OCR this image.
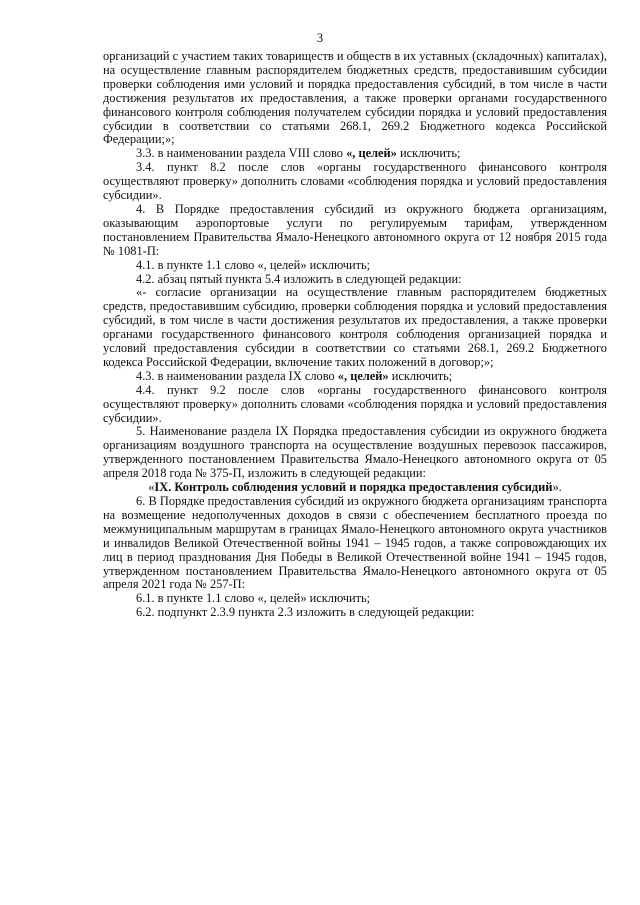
3

организаций с участием таких товариществ и обществ в их уставных (складочных) капиталах), на осуществление главным распорядителем бюджетных средств, предоставившим субсидии проверки соблюдения ими условий и порядка предоставления субсидий, в том числе в части достижения результатов их предоставления, а также проверки органами государственного финансового контроля соблюдения получателем субсидии порядка и условий предоставления субсидии в соответствии со статьями 268.1, 269.2 Бюджетного кодекса Российской Федерации;»;

3.3. в наименовании раздела VIII слово «, целей» исключить;

3.4. пункт 8.2 после слов «органы государственного финансового контроля осуществляют проверку» дополнить словами «соблюдения порядка и условий предоставления субсидии».

4. В Порядке предоставления субсидий из окружного бюджета организациям, оказывающим аэропортовые услуги по регулируемым тарифам, утвержденном постановлением Правительства Ямало-Ненецкого автономного округа от 12 ноября 2015 года № 1081-П:

4.1. в пункте 1.1 слово «, целей» исключить;

4.2. абзац пятый пункта 5.4 изложить в следующей редакции:

«- согласие организации на осуществление главным распорядителем бюджетных средств, предоставившим субсидию, проверки соблюдения порядка и условий предоставления субсидий, в том числе в части достижения результатов их предоставления, а также проверки органами государственного финансового контроля соблюдения организацией порядка и условий предоставления субсидии в соответствии со статьями 268.1, 269.2 Бюджетного кодекса Российской Федерации, включение таких положений в договор;»;

4.3. в наименовании раздела IX слово «, целей» исключить;

4.4. пункт 9.2 после слов «органы государственного финансового контроля осуществляют проверку» дополнить словами «соблюдения порядка и условий предоставления субсидии».

5. Наименование раздела IX Порядка предоставления субсидии из окружного бюджета организациям воздушного транспорта на осуществление воздушных перевозок пассажиров, утвержденного постановлением Правительства Ямало-Ненецкого автономного округа от 05 апреля 2018 года № 375-П, изложить в следующей редакции:

«IX. Контроль соблюдения условий и порядка предоставления субсидий».

6. В Порядке предоставления субсидий из окружного бюджета организациям транспорта на возмещение недополученных доходов в связи с обеспечением бесплатного проезда по межмуниципальным маршрутам в границах Ямало-Ненецкого автономного округа участников и инвалидов Великой Отечественной войны 1941 – 1945 годов, а также сопровождающих их лиц в период празднования Дня Победы в Великой Отечественной войне 1941 – 1945 годов, утвержденном постановлением Правительства Ямало-Ненецкого автономного округа от 05 апреля 2021 года № 257-П:

6.1. в пункте 1.1 слово «, целей» исключить;

6.2. подпункт 2.3.9 пункта 2.3 изложить в следующей редакции:
